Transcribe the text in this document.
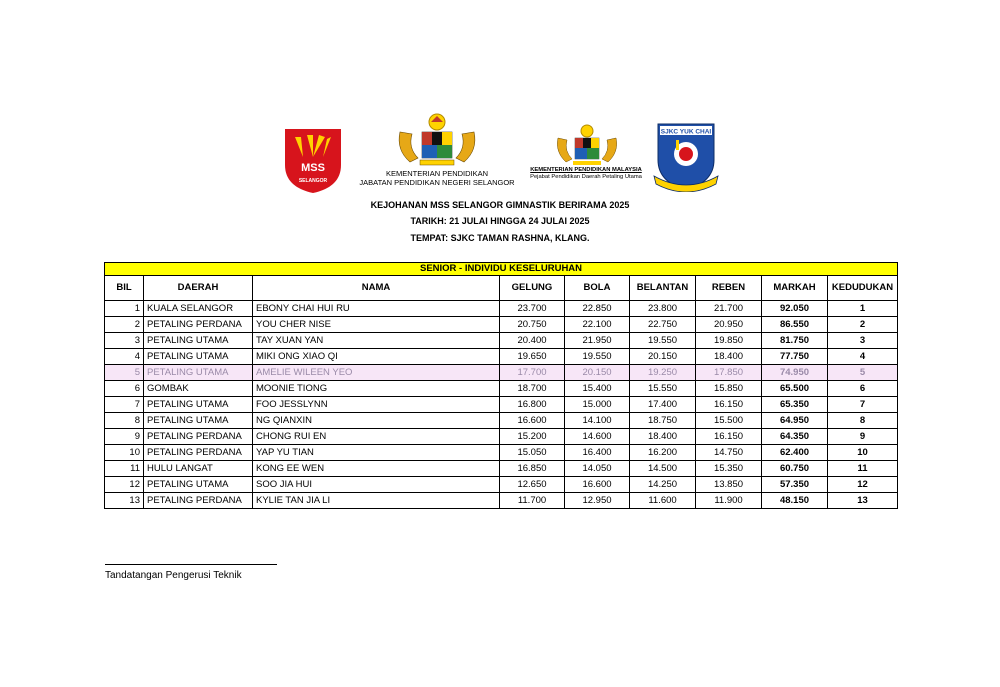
MSS
SELANGOR
KEMENTERIAN PENDIDIKAN
JABATAN PENDIDIKAN NEGERI SELANGOR
KEMENTERIAN PENDIDIKAN MALAYSIA
Pejabat Pendidikan Daerah Petaling Utama
SJKC YUK CHAI
KEJOHANAN MSS SELANGOR GIMNASTIK BERIRAMA 2025
TARIKH: 21 JULAI HINGGA 24 JULAI 2025
TEMPAT: SJKC TAMAN RASHNA, KLANG.
SENIOR - INDIVIDU KESELURUHAN								
BIL	DAERAH	NAMA	GELUNG	BOLA	BELANTAN	REBEN	MARKAH	KEDUDUKAN
1	KUALA SELANGOR	EBONY CHAI HUI RU	23.700	22.850	23.800	21.700	92.050	1
2	PETALING PERDANA	YOU CHER NISE	20.750	22.100	22.750	20.950	86.550	2
3	PETALING UTAMA	TAY XUAN YAN	20.400	21.950	19.550	19.850	81.750	3
4	PETALING UTAMA	MIKI ONG XIAO QI	19.650	19.550	20.150	18.400	77.750	4
5	PETALING UTAMA	AMELIE WILEEN YEO	17.700	20.150	19.250	17.850	74.950	5
6	GOMBAK	MOONIE TIONG	18.700	15.400	15.550	15.850	65.500	6
7	PETALING UTAMA	FOO JESSLYNN	16.800	15.000	17.400	16.150	65.350	7
8	PETALING UTAMA	NG QIANXIN	16.600	14.100	18.750	15.500	64.950	8
9	PETALING PERDANA	CHONG RUI EN	15.200	14.600	18.400	16.150	64.350	9
10	PETALING PERDANA	YAP YU TIAN	15.050	16.400	16.200	14.750	62.400	10
11	HULU LANGAT	KONG EE WEN	16.850	14.050	14.500	15.350	60.750	11
12	PETALING UTAMA	SOO JIA HUI	12.650	16.600	14.250	13.850	57.350	12
13	PETALING PERDANA	KYLIE TAN JIA LI	11.700	12.950	11.600	11.900	48.150	13
Tandatangan Pengerusi Teknik
